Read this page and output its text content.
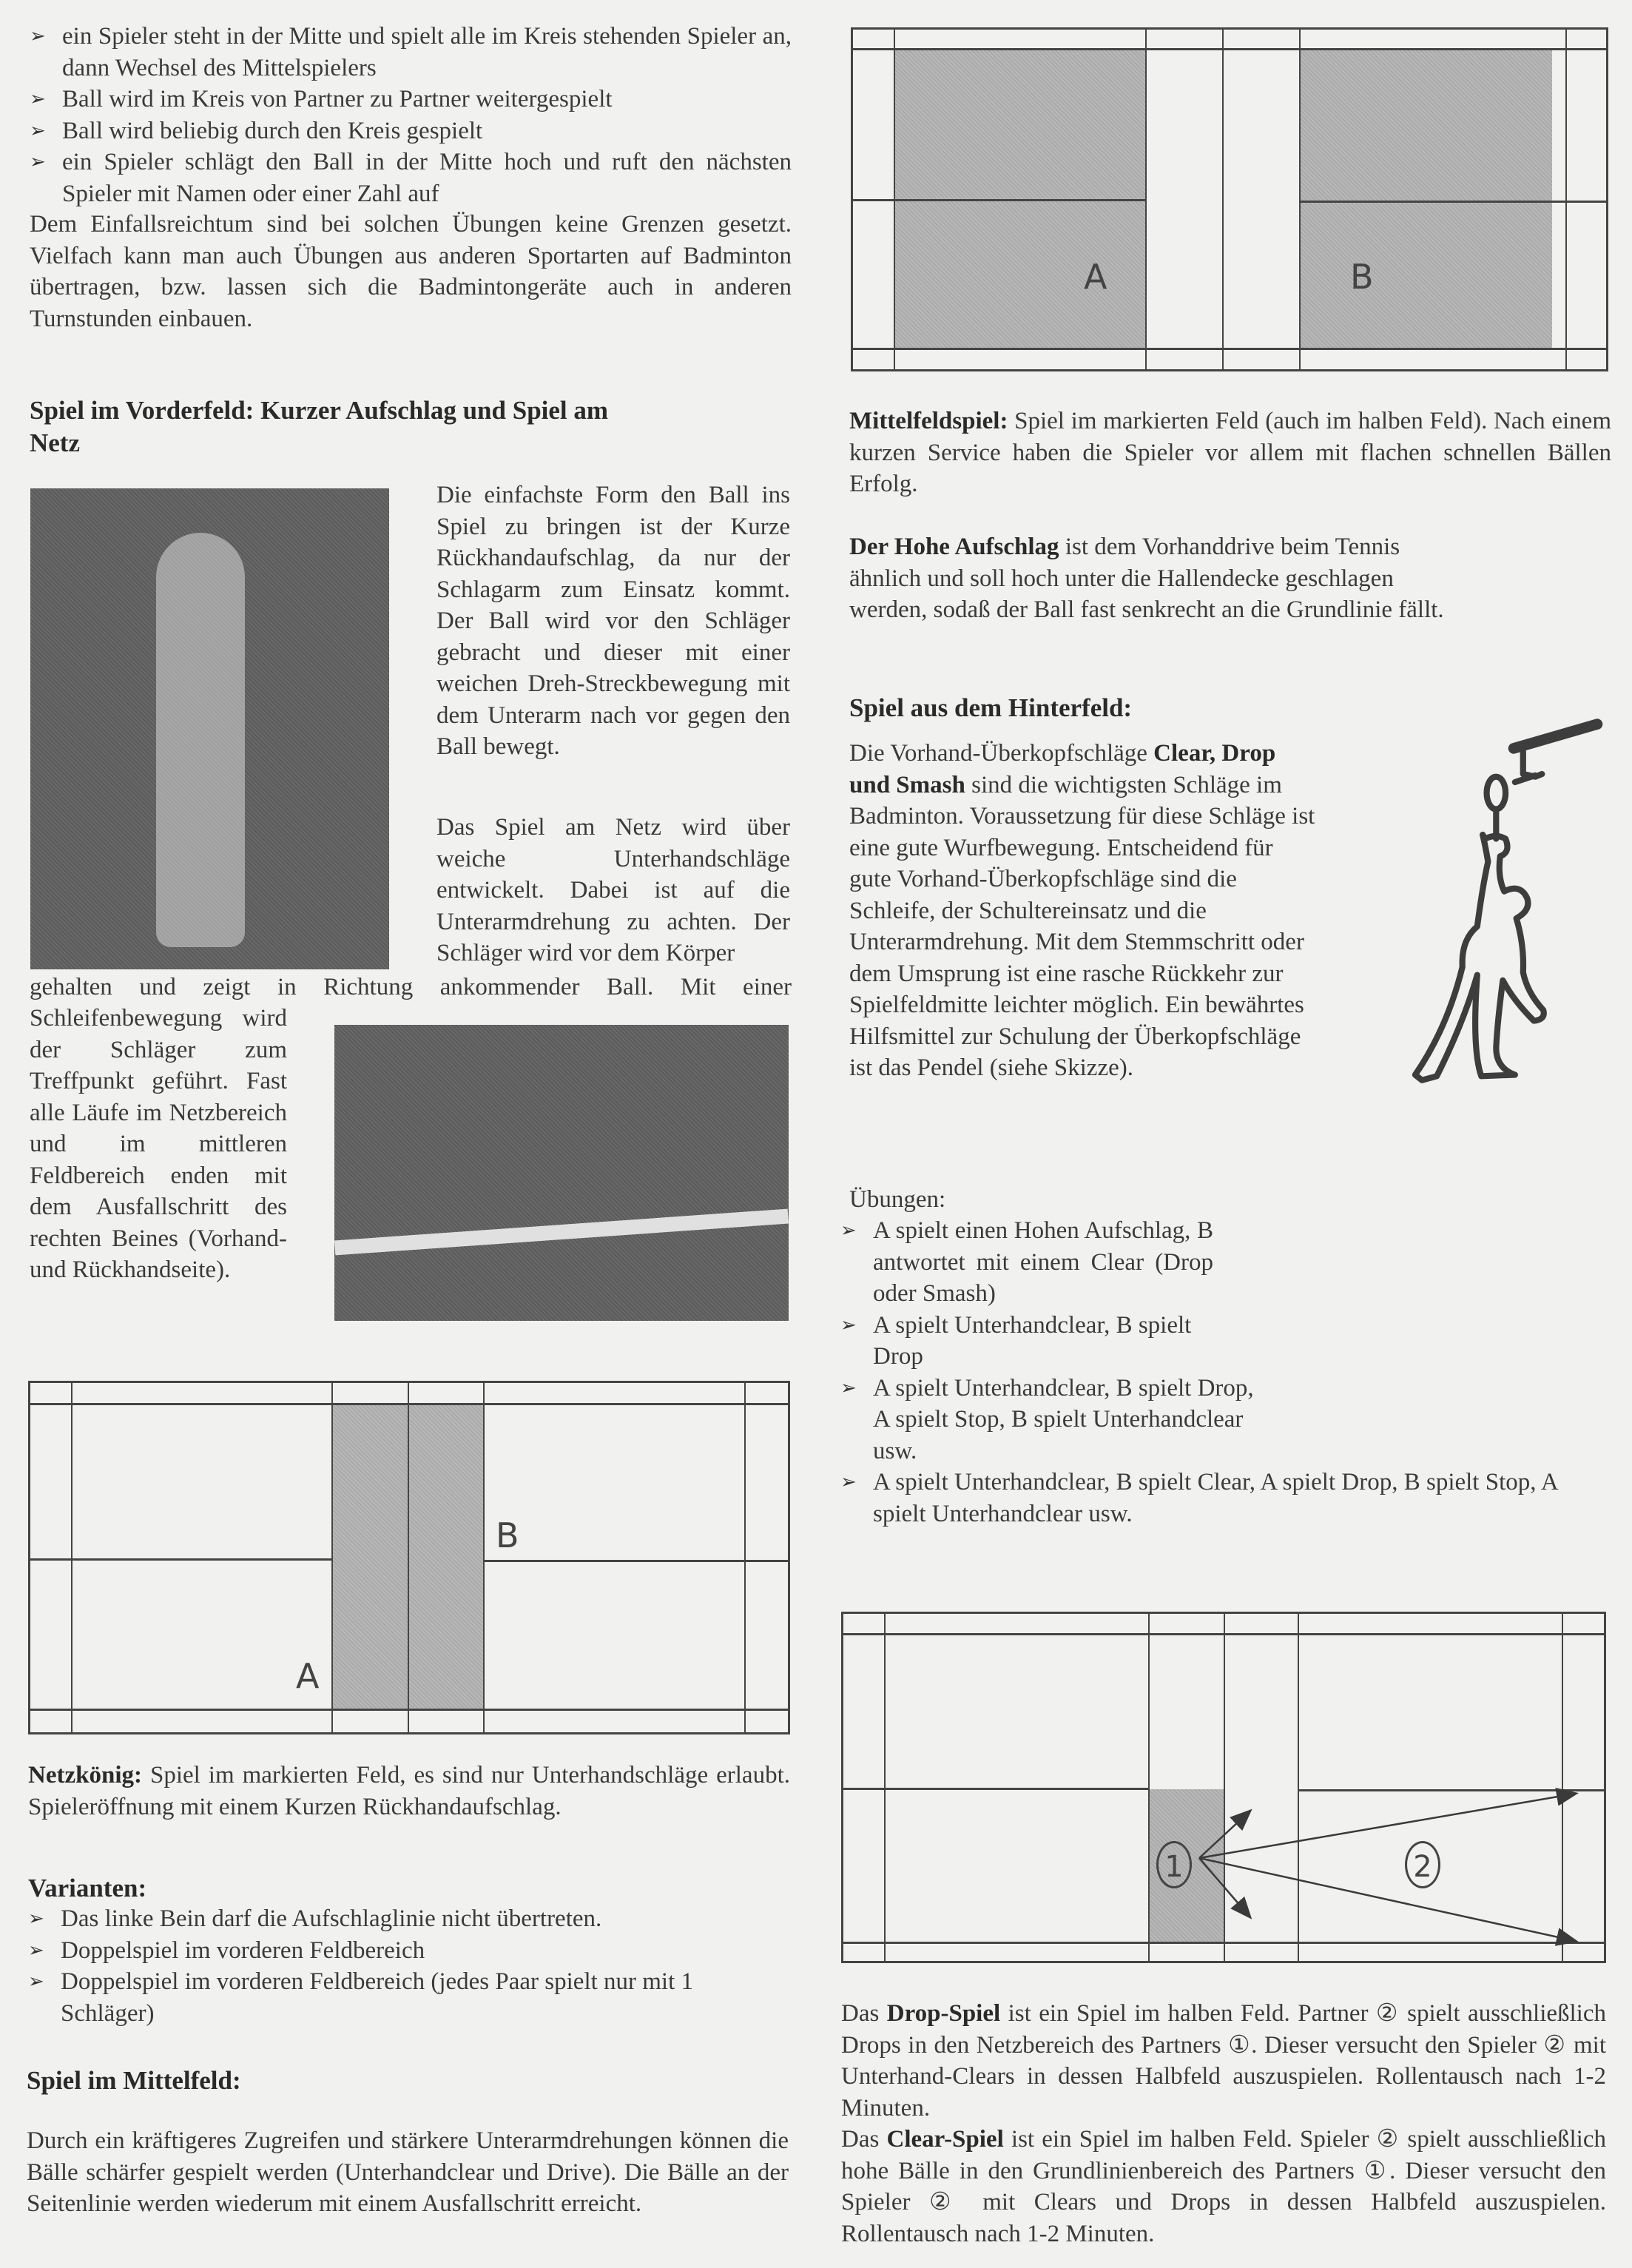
➢ ein Spieler steht in der Mitte und spielt alle im Kreis stehenden Spieler an, dann Wechsel des Mittelspielers
➢ Ball wird im Kreis von Partner zu Partner weitergespielt
➢ Ball wird beliebig durch den Kreis gespielt
➢ ein Spieler schlägt den Ball in der Mitte hoch und ruft den nächsten Spieler mit Namen oder einer Zahl auf

Dem Einfallsreichtum sind bei solchen Übungen keine Grenzen gesetzt. Vielfach kann man auch Übungen aus anderen Sportarten auf Badminton übertragen, bzw. lassen sich die Badmintongeräte auch in anderen Turnstunden einbauen.

Spiel im Vorderfeld: Kurzer Aufschlag und Spiel am Netz

Die einfachste Form den Ball ins Spiel zu bringen ist der Kurze Rückhandaufschlag, da nur der Schlagarm zum Einsatz kommt. Der Ball wird vor den Schläger gebracht und dieser mit einer weichen Dreh-Streckbewegung mit dem Unterarm nach vor gegen den Ball bewegt.

Das Spiel am Netz wird über weiche Unterhandschläge entwickelt. Dabei ist auf die Unterarmdrehung zu achten. Der Schläger wird vor dem Körper

gehalten und zeigt in Richtung ankommender Ball. Mit einer

Schleifenbewegung wird der Schläger zum Treffpunkt geführt. Fast alle Läufe im Netzbereich und im mittleren Feldbereich enden mit dem Ausfallschritt des rechten Beines (Vorhand-und Rückhandseite).

A
B

Netzkönig: Spiel im markierten Feld, es sind nur Unterhandschläge erlaubt. Spieleröffnung mit einem Kurzen Rückhandaufschlag.

Varianten:
➢ Das linke Bein darf die Aufschlaglinie nicht übertreten.
➢ Doppelspiel im vorderen Feldbereich
➢ Doppelspiel im vorderen Feldbereich (jedes Paar spielt nur mit 1 Schläger)
Spiel im Mittelfeld:

Durch ein kräftigeres Zugreifen und stärkere Unterarmdrehungen können die Bälle schärfer gespielt werden (Unterhandclear und Drive). Die Bälle an der Seitenlinie werden wiederum mit einem Ausfallschritt erreicht.

A	B

Mittelfeldspiel: Spiel im markierten Feld (auch im halben Feld). Nach einem kurzen Service haben die Spieler vor allem mit flachen schnellen Bällen Erfolg.

Der Hohe Aufschlag ist dem Vorhanddrive beim Tennis ähnlich und soll hoch unter die Hallendecke geschlagen werden, sodaß der Ball fast senkrecht an die Grundlinie fällt.

Spiel aus dem Hinterfeld:

Die Vorhand-Überkopfschläge Clear, Drop und Smash sind die wichtigsten Schläge im Badminton. Voraussetzung für diese Schläge ist eine gute Wurfbewegung. Entscheidend für gute Vorhand-Überkopfschläge sind die Schleife, der Schultereinsatz und die Unterarmdrehung. Mit dem Stemmschritt oder dem Umsprung ist eine rasche Rückkehr zur Spielfeldmitte leichter möglich. Ein bewährtes Hilfsmittel zur Schulung der Überkopfschläge ist das Pendel (siehe Skizze).

Übungen:
➢ A spielt einen Hohen Aufschlag, B antwortet mit einem Clear (Drop oder Smash)
➢ A spielt Unterhandclear, B spielt Drop
➢ A spielt Unterhandclear, B spielt Drop, A spielt Stop, B spielt Unterhandclear usw.
➢ A spielt Unterhandclear, B spielt Clear, A spielt Drop, B spielt Stop, A spielt Unterhandclear usw.
1	2

Das Drop-Spiel ist ein Spiel im halben Feld. Partner ② spielt ausschließlich Drops in den Netzbereich des Partners ①. Dieser versucht den Spieler ② mit Unterhand-Clears in dessen Halbfeld auszuspielen. Rollentausch nach 1-2 Minuten.

Das Clear-Spiel ist ein Spiel im halben Feld. Spieler ② spielt ausschließlich hohe Bälle in den Grundlinienbereich des Partners ①. Dieser versucht den Spieler ② mit Clears und Drops in dessen Halbfeld auszuspielen. Rollentausch nach 1-2 Minuten.
